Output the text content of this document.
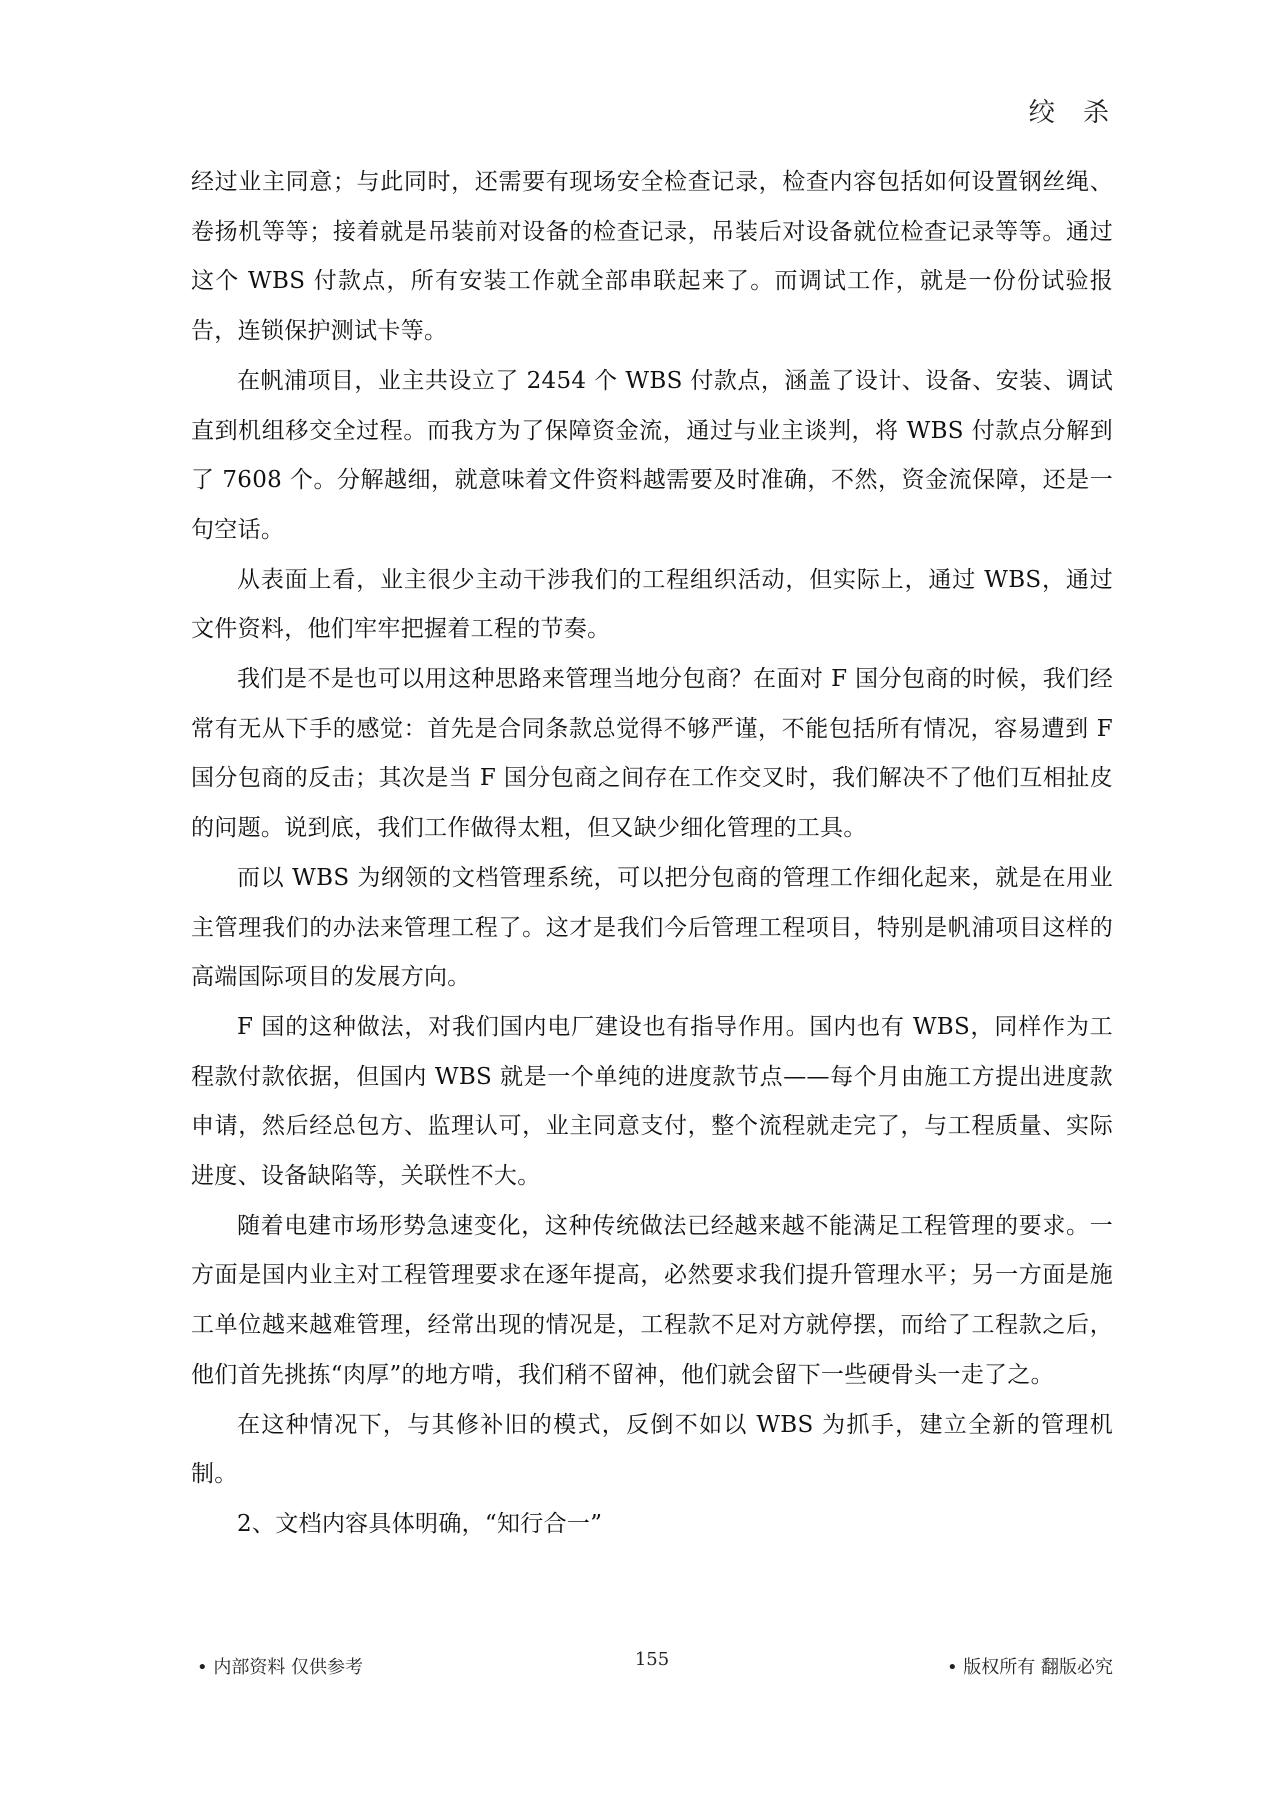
绞 杀

经过业主同意；与此同时，还需要有现场安全检查记录，检查内容包括如何设置钢丝绳、卷扬机等等；接着就是吊装前对设备的检查记录，吊装后对设备就位检查记录等等。通过这个 WBS 付款点，所有安装工作就全部串联起来了。而调试工作，就是一份份试验报告，连锁保护测试卡等。

在帆浦项目，业主共设立了 2454 个 WBS 付款点，涵盖了设计、设备、安装、调试直到机组移交全过程。而我方为了保障资金流，通过与业主谈判，将 WBS 付款点分解到了 7608 个。分解越细，就意味着文件资料越需要及时准确，不然，资金流保障，还是一句空话。

从表面上看，业主很少主动干涉我们的工程组织活动，但实际上，通过 WBS，通过文件资料，他们牢牢把握着工程的节奏。

我们是不是也可以用这种思路来管理当地分包商？在面对 F 国分包商的时候，我们经常有无从下手的感觉：首先是合同条款总觉得不够严谨，不能包括所有情况，容易遭到 F 国分包商的反击；其次是当 F 国分包商之间存在工作交叉时，我们解决不了他们互相扯皮的问题。说到底，我们工作做得太粗，但又缺少细化管理的工具。

而以 WBS 为纲领的文档管理系统，可以把分包商的管理工作细化起来，就是在用业主管理我们的办法来管理工程了。这才是我们今后管理工程项目，特别是帆浦项目这样的高端国际项目的发展方向。

F 国的这种做法，对我们国内电厂建设也有指导作用。国内也有 WBS，同样作为工程款付款依据，但国内 WBS 就是一个单纯的进度款节点——每个月由施工方提出进度款申请，然后经总包方、监理认可，业主同意支付，整个流程就走完了，与工程质量、实际进度、设备缺陷等，关联性不大。

随着电建市场形势急速变化，这种传统做法已经越来越不能满足工程管理的要求。一方面是国内业主对工程管理要求在逐年提高，必然要求我们提升管理水平；另一方面是施工单位越来越难管理，经常出现的情况是，工程款不足对方就停摆，而给了工程款之后，他们首先挑拣“肉厚”的地方啃，我们稍不留神，他们就会留下一些硬骨头一走了之。

在这种情况下，与其修补旧的模式，反倒不如以 WBS 为抓手，建立全新的管理机制。

2、文档内容具体明确，“知行合一”

• 内部资料 仅供参考	155	• 版权所有 翻版必究
